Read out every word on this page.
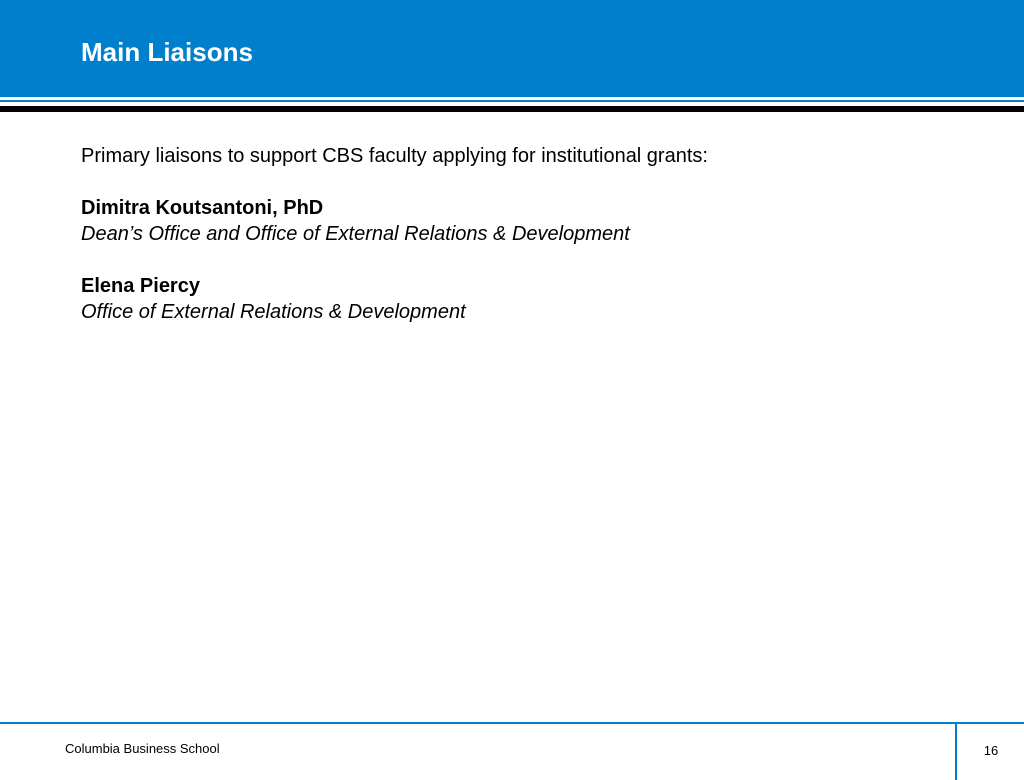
Main Liaisons

Primary liaisons to support CBS faculty applying for institutional grants:

Dimitra Koutsantoni, PhD

Dean’s Office and Office of External Relations & Development

Elena Piercy

Office of External Relations & Development

Columbia Business School	16
